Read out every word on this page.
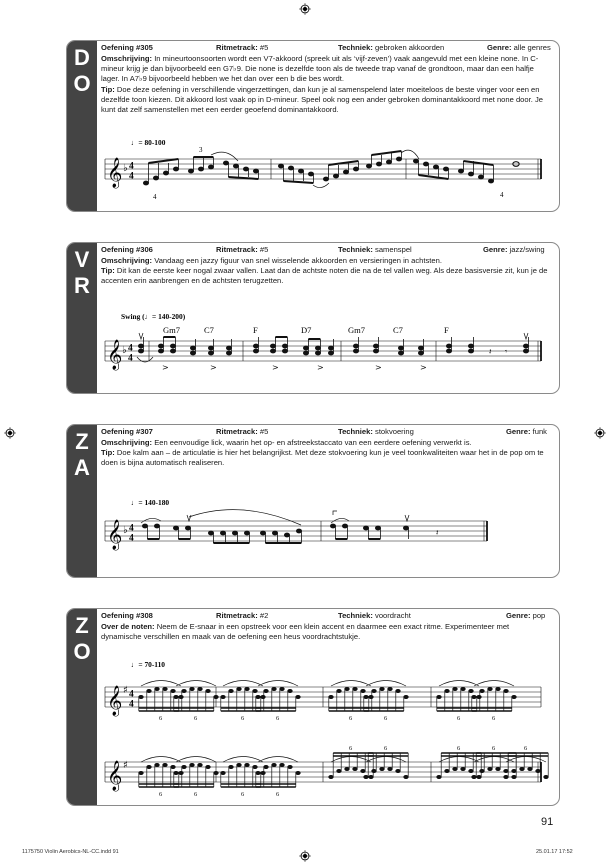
D
O
Oefening #305	Ritmetrack: #5	Techniek: gebroken akkoorden	Genre: alle genres
Omschrijving: In mineurtoonsoorten wordt een V7-akkoord (spreek uit als ‘vijf-zeven’) vaak aangevuld met een kleine none. In C-mineur krijg je dan bijvoorbeeld een G7♭9. Die none is dezelfde toon als de tweede trap vanaf de grondtoon, maar dan een halfje lager. In A7♭9 bijvoorbeeld hebben we het dan over een b die bes wordt.
Tip: Doe deze oefening in verschillende vingerzettingen, dan kun je al samenspelend later moeiteloos de beste vinger voor een en dezelfde toon kiezen. Dit akkoord lost vaak op in D-mineur. Speel ook nog een ander gebroken dominantakkoord met none door. Je kunt dat zelf samenstellen met een eerder geoefend dominantakkoord.
♩= 80-100
𝄞 ♭ 4
4
4
3
4
V
R
Oefening #306	Ritmetrack: #5	Techniek: samenspel	Genre: jazz/swing
Omschrijving: Vandaag een jazzy figuur van snel wisselende akkoorden en versieringen in achtsten.
Tip: Dit kan de eerste keer nogal zwaar vallen. Laat dan de achtste noten die na de tel vallen weg. Als deze basisversie zit, kun je de accenten erin aanbrengen en de achtsten terugzetten.
Swing (♩= 140-200)
Gm7	C7	F	D7	Gm7	C7	F
𝄞 ♭ 4
4
𝄽 𝄾
>	>	>	>	>	>
Z
A
Oefening #307	Ritmetrack: #5	Techniek: stokvoering	Genre: funk
Omschrijving: Een eenvoudige lick, waarin het op- en afstreekstaccato van een eerdere oefening verwerkt is.
Tip: Doe kalm aan – de articulatie is hier het belangrijkst. Met deze stokvoering kun je veel toonkwaliteiten waar het in de pop om te doen is bijna automatisch realiseren.
♩= 140-180
𝄞 ♭ 4
4
𝄽
Z
O
Oefening #308	Ritmetrack: #2	Techniek: voordracht	Genre: pop
Over de noten: Neem de E-snaar in een opstreek voor een klein accent en daarmee een exact ritme. Experimenteer met dynamische verschillen en maak van de oefening een heus voordrachtstukje.
♩= 70-110
𝄞 ♯ 4
4
𝄞 ♯
6	6	6	6	6	6	6	6
6	6	6	6
6	6	6	6	6
91
1175750 Violin Aerobics-NL-CC.indd 91	25.01.17 17:52
